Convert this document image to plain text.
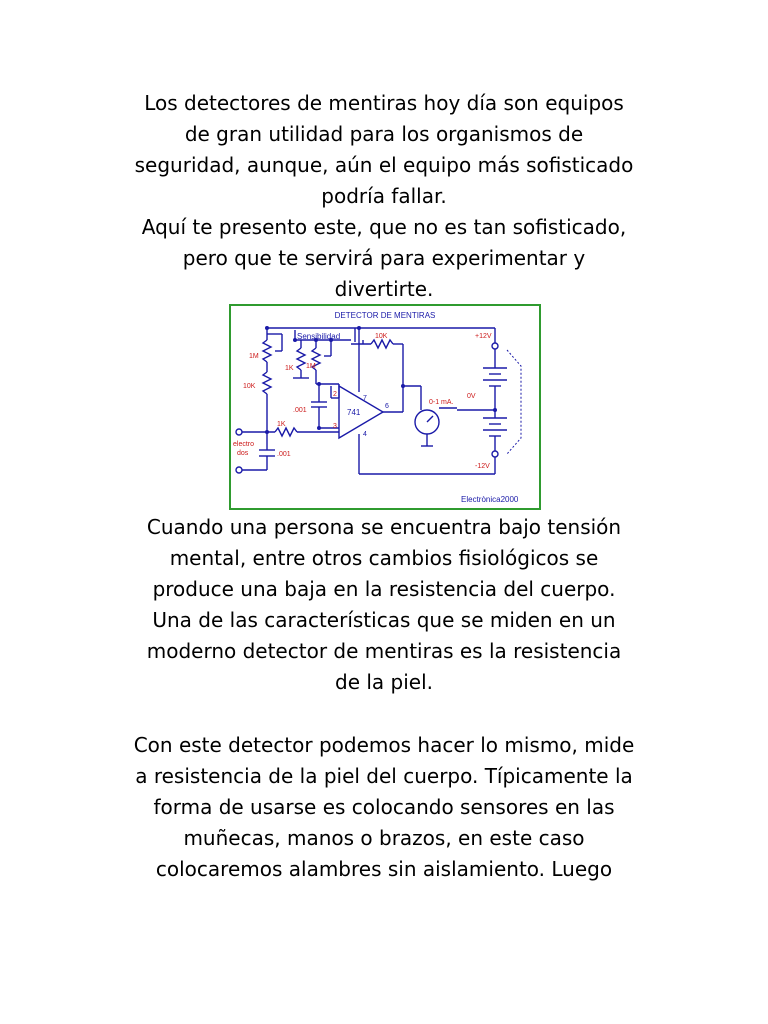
Los detectores de mentiras hoy día son equipos
de gran utilidad para los organismos de
seguridad, aunque, aún el equipo más sofisticado
podría fallar.
Aquí te presento este, que no es tan sofisticado,
pero que te servirá para experimentar y
divertirte.

DETECTOR DE MENTIRAS
Sensibilidad
1M
10K
1K 1M
10K
.001
1K
electro
dos	.001
741
2
3
7
6
4
0-1 mA.
+12V
0V
-12V
Electrònica2000

Cuando una persona se encuentra bajo tensión
mental, entre otros cambios fisiológicos se
produce una baja en la resistencia del cuerpo.
Una de las características que se miden en un
moderno detector de mentiras es la resistencia
de la piel.

Con este detector podemos hacer lo mismo, mide
a resistencia de la piel del cuerpo. Típicamente la
forma de usarse es colocando sensores en las
muñecas, manos o brazos, en este caso
colocaremos alambres sin aislamiento. Luego
